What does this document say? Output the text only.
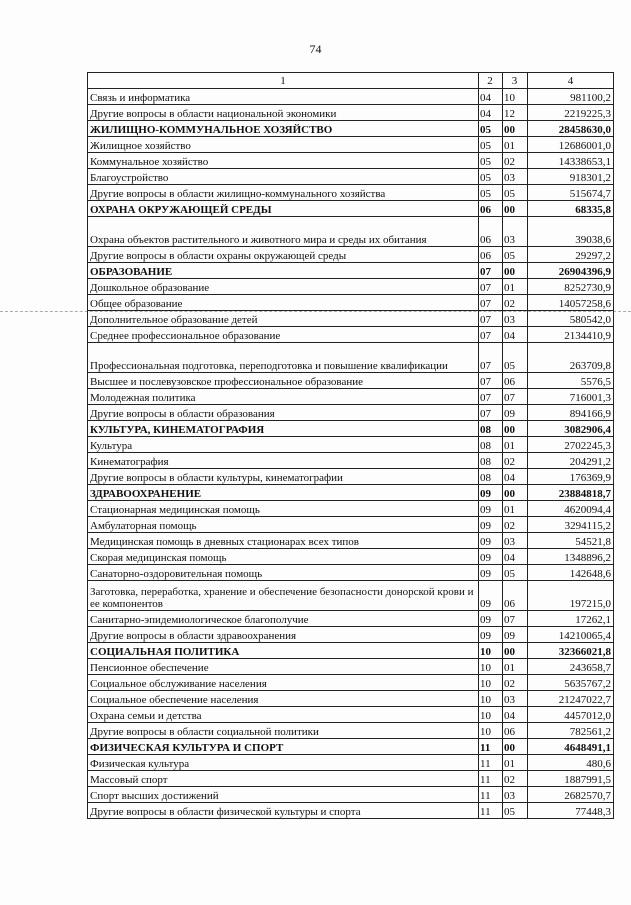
74
1	2	3	4
Связь и информатика	04	10	981100,2
Другие вопросы в области национальной экономики	04	12	2219225,3
ЖИЛИЩНО-КОММУНАЛЬНОЕ ХОЗЯЙСТВО	05	00	28458630,0
Жилищное хозяйство	05	01	12686001,0
Коммунальное хозяйство	05	02	14338653,1
Благоустройство	05	03	918301,2
Другие вопросы в области жилищно-коммунального хозяйства	05	05	515674,7
ОХРАНА ОКРУЖАЮЩЕЙ СРЕДЫ	06	00	68335,8
Охрана объектов растительного и животного мира и среды их обитания	06	03	39038,6
Другие вопросы в области охраны окружающей среды	06	05	29297,2
ОБРАЗОВАНИЕ	07	00	26904396,9
Дошкольное образование	07	01	8252730,9
Общее образование	07	02	14057258,6
Дополнительное образование детей	07	03	580542,0
Среднее профессиональное образование	07	04	2134410,9
Профессиональная подготовка, переподготовка и повышение квалификации	07	05	263709,8
Высшее и послевузовское профессиональное образование	07	06	5576,5
Молодежная политика	07	07	716001,3
Другие вопросы в области образования	07	09	894166,9
КУЛЬТУРА, КИНЕМАТОГРАФИЯ	08	00	3082906,4
Культура	08	01	2702245,3
Кинематография	08	02	204291,2
Другие вопросы в области культуры, кинематографии	08	04	176369,9
ЗДРАВООХРАНЕНИЕ	09	00	23884818,7
Стационарная медицинская помощь	09	01	4620094,4
Амбулаторная помощь	09	02	3294115,2
Медицинская помощь в дневных стационарах всех типов	09	03	54521,8
Скорая медицинская помощь	09	04	1348896,2
Санаторно-оздоровительная помощь	09	05	142648,6
Заготовка, переработка, хранение и обеспечение безопасности донорской крови и ее компонентов	09	06	197215,0
Санитарно-эпидемиологическое благополучие	09	07	17262,1
Другие вопросы в области здравоохранения	09	09	14210065,4
СОЦИАЛЬНАЯ ПОЛИТИКА	10	00	32366021,8
Пенсионное обеспечение	10	01	243658,7
Социальное обслуживание населения	10	02	5635767,2
Социальное обеспечение населения	10	03	21247022,7
Охрана семьи и детства	10	04	4457012,0
Другие вопросы в области социальной политики	10	06	782561,2
ФИЗИЧЕСКАЯ КУЛЬТУРА И СПОРТ	11	00	4648491,1
Физическая культура	11	01	480,6
Массовый спорт	11	02	1887991,5
Спорт высших достижений	11	03	2682570,7
Другие вопросы в области физической культуры и спорта	11	05	77448,3
